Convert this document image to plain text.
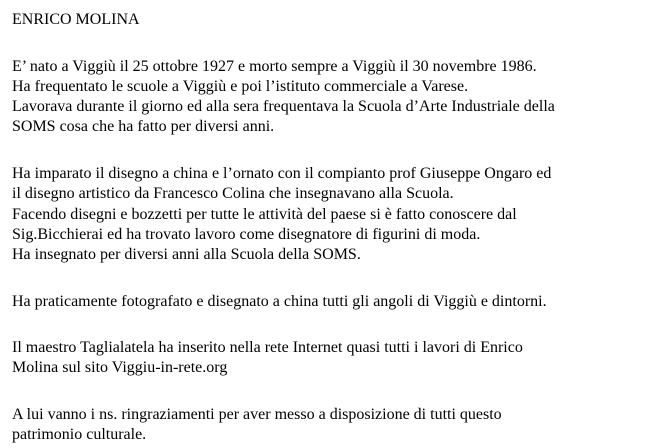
ENRICO MOLINA
E’ nato a Viggiù il 25 ottobre 1927 e morto sempre a Viggiù il 30 novembre 1986.
Ha frequentato le scuole a Viggiù e poi l’istituto commerciale a Varese.
Lavorava durante il giorno ed alla sera frequentava la Scuola d’Arte Industriale della
SOMS cosa che ha fatto per diversi anni.
Ha imparato il disegno a china e l’ornato con il compianto prof Giuseppe Ongaro ed
il disegno artistico da Francesco Colina che insegnavano alla Scuola.
Facendo disegni e bozzetti per tutte le attività del paese si è fatto conoscere dal
Sig.Bicchierai ed ha trovato lavoro come disegnatore di figurini di moda.
Ha insegnato per diversi anni alla Scuola della SOMS.
Ha praticamente fotografato e disegnato a china tutti gli angoli di Viggiù e dintorni.
Il maestro Taglialatela ha inserito nella rete Internet quasi tutti i lavori di Enrico
Molina sul sito Viggiu-in-rete.org
A lui vanno i ns. ringraziamenti per aver messo a disposizione di tutti questo
patrimonio culturale.
